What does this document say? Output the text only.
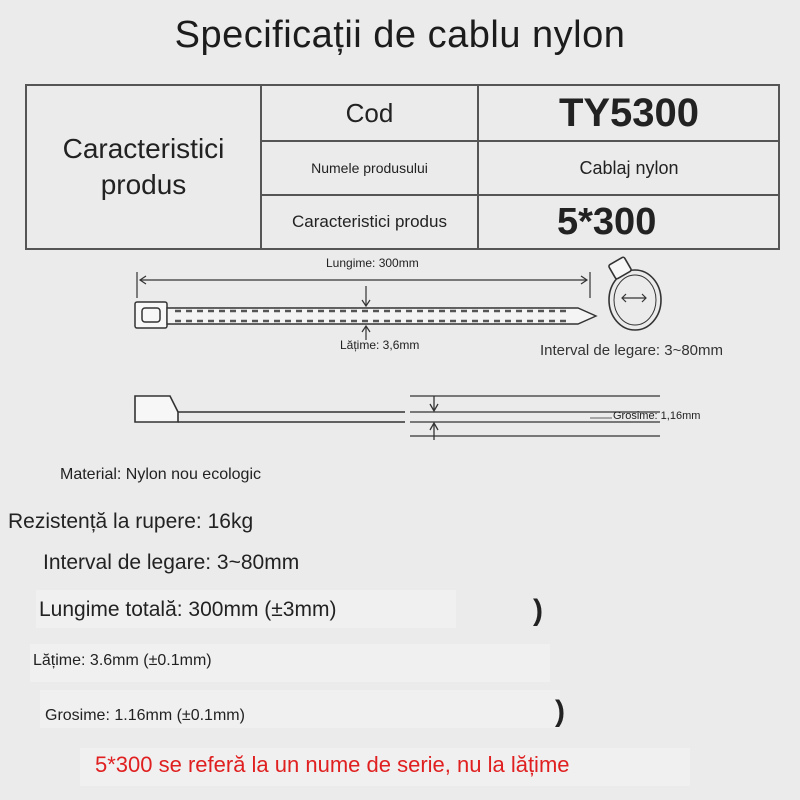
Specificații de cablu nylon
Caracteristici produs
Cod	TY5300
Numele produsului	Cablaj nylon
Caracteristici produs	5*300
Lungime: 300mm
Lățime: 3,6mm	Interval de legare: 3~80mm
Grosime: 1,16mm
Material: Nylon nou ecologic
Rezistență la rupere: 16kg
Interval de legare: 3~80mm
Lungime totală: 300mm (±3mm)	)
Lățime: 3.6mm (±0.1mm)
Grosime: 1.16mm (±0.1mm)	)
5*300 se referă la un nume de serie, nu la lățime
